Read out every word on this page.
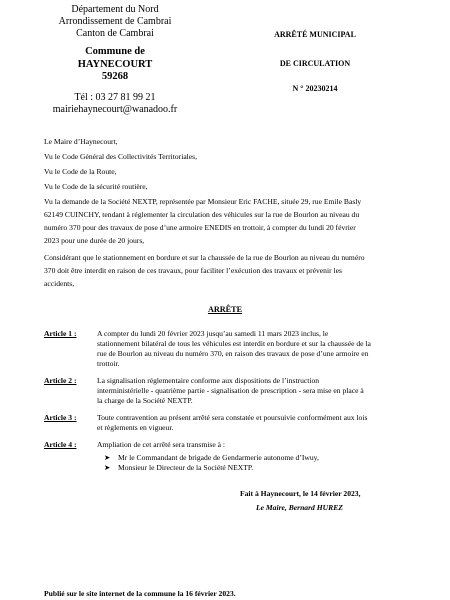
Département du Nord
Arrondissement de Cambrai
Canton de Cambrai
Commune de
HAYNECOURT
59268
Tél : 03 27 81 99 21
mairiehaynecourt@wanadoo.fr
ARRÊTÉ MUNICIPAL
DE CIRCULATION
N ° 20230214
Le Maire d’Haynecourt,
Vu le Code Général des Collectivités Territoriales,
Vu le Code de la Route,
Vu le Code de la sécurité routière,
Vu la demande de la Société NEXTP, représentée par Monsieur Eric FACHE, située 29, rue Emile Basly
62149 CUINCHY, tendant à réglementer la circulation des véhicules sur la rue de Bourlon au niveau du
numéro 370 pour des travaux de pose d’une armoire ENEDIS en trottoir, à compter du lundi 20 février
2023 pour une durée de 20 jours,
Considérant que le stationnement en bordure et sur la chaussée de la rue de Bourlon au niveau du numéro
370 doit être interdit en raison de ces travaux, pour faciliter l’exécution des travaux et prévenir les
accidents,
ARRÊTE
Article 1 :	A compter du lundi 20 février 2023 jusqu’au samedi 11 mars 2023 inclus, le
stationnement bilatéral de tous les véhicules est interdit en bordure et sur la chaussée de la
rue de Bourlon au niveau du numéro 370, en raison des travaux de pose d’une armoire en
trottoir.
Article 2 :	La signalisation réglementaire conforme aux dispositions de l’instruction
interministérielle - quatrième partie - signalisation de prescription - sera mise en place à
la charge de la Société NEXTP.
Article 3 :	Toute contravention au présent arrêté sera constatée et poursuivie conformément aux lois
et règlements en vigueur.
Article 4 :	Ampliation de cet arrêté sera transmise à :
➤ Mr le Commandant de brigade de Gendarmerie autonome d’Iwuy,
➤ Monsieur le Directeur de la Société NEXTP.
Fait à Haynecourt, le 14 février 2023,
Le Maire, Bernard HUREZ
Publié sur le site internet de la commune la 16 février 2023.
